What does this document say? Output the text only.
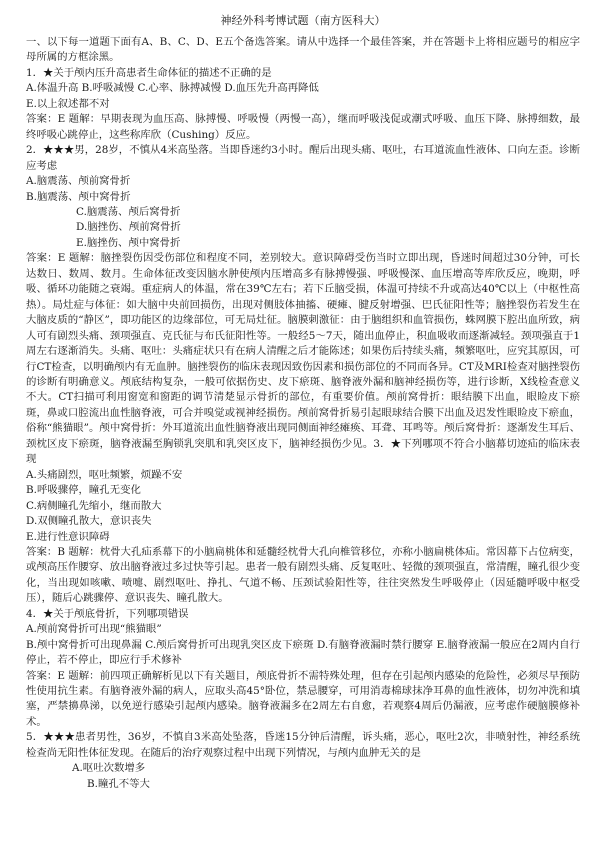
神经外科考博试题（南方医科大）

一、以下每一道题下面有A、B、C、D、E五个备选答案。请从中选择一个最佳答案，并在答题卡上将相应题号的相应字母所属的方框涂黑。

1．★关于颅内压升高患者生命体征的描述不正确的是

A.体温升高 B.呼吸减慢 C.心率、脉搏减慢 D.血压先升高再降低

E.以上叙述都不对

答案：E 题解：早期表现为血压高、脉搏慢、呼吸慢（两慢一高），继而呼吸浅促或潮式呼吸、血压下降、脉搏细数，最终呼吸心跳停止，这些称库欣（Cushing）反应。

2．★★★男，28岁，不慎从4米高坠落。当即昏迷约3小时。醒后出现头痛、呕吐，右耳道流血性液体、口向左歪。诊断应考虑

A.脑震荡、颅前窝骨折

B.脑震荡、颅中窝骨折

C.脑震荡、颅后窝骨折

D.脑挫伤、颅前窝骨折

E.脑挫伤、颅中窝骨折

答案：E 题解：脑挫裂伤因受伤部位和程度不同，差别较大。意识障碍受伤当时立即出现，昏迷时间超过30分钟，可长达数日、数周、数月。生命体征改变因脑水肿使颅内压增高多有脉搏慢强、呼吸慢深、血压增高等库欣反应，晚期，呼吸、循环功能随之衰竭。重症病人的体温，常在39℃左右；若下丘脑受损，体温可持续不升或高达40℃以上（中枢性高热）。局灶症与体征：如大脑中央前回损伤，出现对侧肢体抽搐、硬瘫、腱反射增强、巴氏征阳性等；脑挫裂伤若发生在大脑皮质的“静区”，即功能区的边缘部位，可无局灶征。脑膜刺激征：由于脑组织和血管损伤，蛛网膜下腔出血所致，病人可有剧烈头痛、颈项强直、克氏征与布氏征阳性等。一般经5～7天，随出血停止，积血吸收而逐渐减轻。颈项强直于1周左右逐渐消失。头痛、呕吐：头痛症状只有在病人清醒之后才能陈述；如果伤后持续头痛，频繁呕吐，应究其原因，可行CT检查，以明确颅内有无血肿。脑挫裂伤的临床表现因致伤因素和损伤部位的不同而各异。CT及MRI检查对脑挫裂伤的诊断有明确意义。颅底结构复杂，一般可依据伤史、皮下瘀斑、脑脊液外漏和脑神经损伤等，进行诊断，X线检查意义不大。CT扫描可利用窗宽和窗距的调节清楚显示骨折的部位，有重要价值。颅前窝骨折：眼结膜下出血，眼睑皮下瘀斑，鼻或口腔流出血性脑脊液，可合并嗅觉或视神经损伤。颅前窝骨折易引起眼球结合膜下出血及迟发性眼睑皮下瘀血，俗称“熊猫眼”。颅中窝骨折：外耳道流出血性脑脊液出现同侧面神经瘫痪、耳聋、耳鸣等。颅后窝骨折：逐渐发生耳后、颈枕区皮下瘀斑，脑脊液漏至胸锁乳突肌和乳突区皮下，脑神经损伤少见。3．★下列哪项不符合小脑幕切迹疝的临床表现

A.头痛剧烈，呕吐频繁，烦躁不安

B.呼吸骤停，瞳孔无变化

C.病侧瞳孔先缩小，继而散大

D.双侧瞳孔散大，意识丧失

E.进行性意识障碍

答案：B 题解：枕骨大孔疝系幕下的小脑扁桃体和延髓经枕骨大孔向椎管移位，亦称小脑扁桃体疝。常因幕下占位病变，或颅高压作腰穿、放出脑脊液过多过快等引起。患者一般有剧烈头痛、反复呕吐、轻微的颈项强直，常清醒，瞳孔很少变化，当出现如咳嗽、喷嚏、剧烈呕吐、挣扎、气道不畅、压颈试验阳性等，往往突然发生呼吸停止（因延髓呼吸中枢受压），随后心跳骤停、意识丧失、瞳孔散大。

4．★关于颅底骨折，下列哪项错误

A.颅前窝骨折可出现“熊猫眼”

B.颅中窝骨折可出现鼻漏 C.颅后窝骨折可出现乳突区皮下瘀斑 D.有脑脊液漏时禁行腰穿 E.脑脊液漏一般应在2周内自行停止，若不停止，即应行手术修补

答案：E 题解：前四项正确解析见以下有关题目，颅底骨折不需特殊处理，但存在引起颅内感染的危险性，必须尽早预防性使用抗生素。有脑脊液外漏的病人，应取头高45°卧位，禁忌腰穿，可用消毒棉球抹净耳鼻的血性液体，切勿冲洗和填塞，严禁擤鼻涕，以免逆行感染引起颅内感染。脑脊液漏多在2周左右自愈，若观察4周后仍漏液，应考虑作硬脑膜修补术。

5．★★★患者男性，36岁，不慎自3米高处坠落，昏迷15分钟后清醒，诉头痛，恶心，呕吐2次，非喷射性，神经系统检查尚无阳性体征发现。在随后的治疗观察过程中出现下列情况，与颅内血肿无关的是

A.呕吐次数增多

B.瞳孔不等大
